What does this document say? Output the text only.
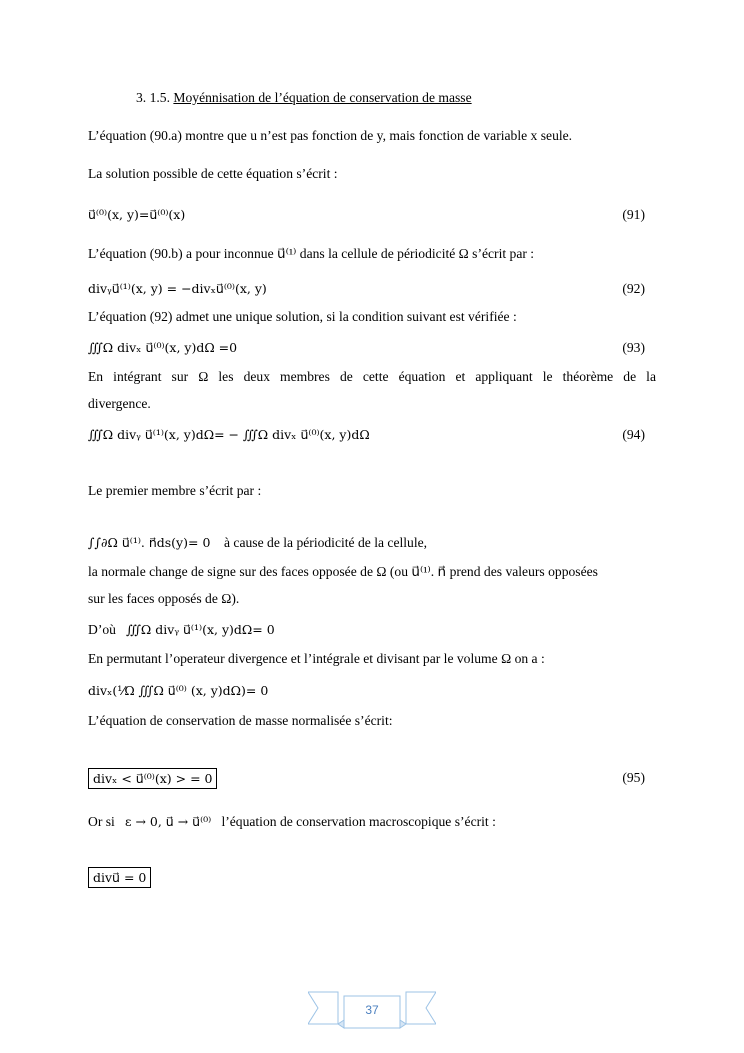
3. 1.5. Moyénnisation de l’équation de conservation de masse
L’équation (90.a) montre que u n’est pas fonction de y, mais fonction de variable x seule.
La solution possible de cette équation s’écrit :
u⃗⁽⁰⁾(x, y)=u⃗⁽⁰⁾(x)	(91)
L’équation (90.b) a pour inconnue u⃗⁽¹⁾ dans la cellule de périodicité Ω s’écrit par :
divᵧu⃗⁽¹⁾(x, y) = −divₓu⃗⁽⁰⁾(x, y)	(92)
L’équation (92) admet une unique solution, si la condition suivant est vérifiée :
∭Ω divₓ u⃗⁽⁰⁾(x, y)dΩ =0	(93)
En intégrant sur Ω les deux membres de cette équation et appliquant le théorème de la
divergence.
∭Ω divᵧ u⃗⁽¹⁾(x, y)dΩ= − ∭Ω divₓ u⃗⁽⁰⁾(x, y)dΩ	(94)
Le premier membre s’écrit par :
∫∫∂Ω u⃗⁽¹⁾. n⃗ds(y)= 0 à cause de la périodicité de la cellule,
la normale change de signe sur des faces opposée de Ω (ou u⃗⁽¹⁾. n⃗ prend des valeurs opposées
sur les faces opposés de Ω).
D’où ∭Ω divᵧ u⃗⁽¹⁾(x, y)dΩ= 0
En permutant l’operateur divergence et l’intégrale et divisant par le volume Ω on a :
divₓ(¹⁄Ω ∭Ω u⃗⁽⁰⁾ (x, y)dΩ)= 0
L’équation de conservation de masse normalisée s’écrit:
divₓ < u⃗⁽⁰⁾(x) > = 0	(95)
Or si ε → 0, u⃗ → u⃗⁽⁰⁾ l’équation de conservation macroscopique s’écrit :
divu⃗ = 0
37
